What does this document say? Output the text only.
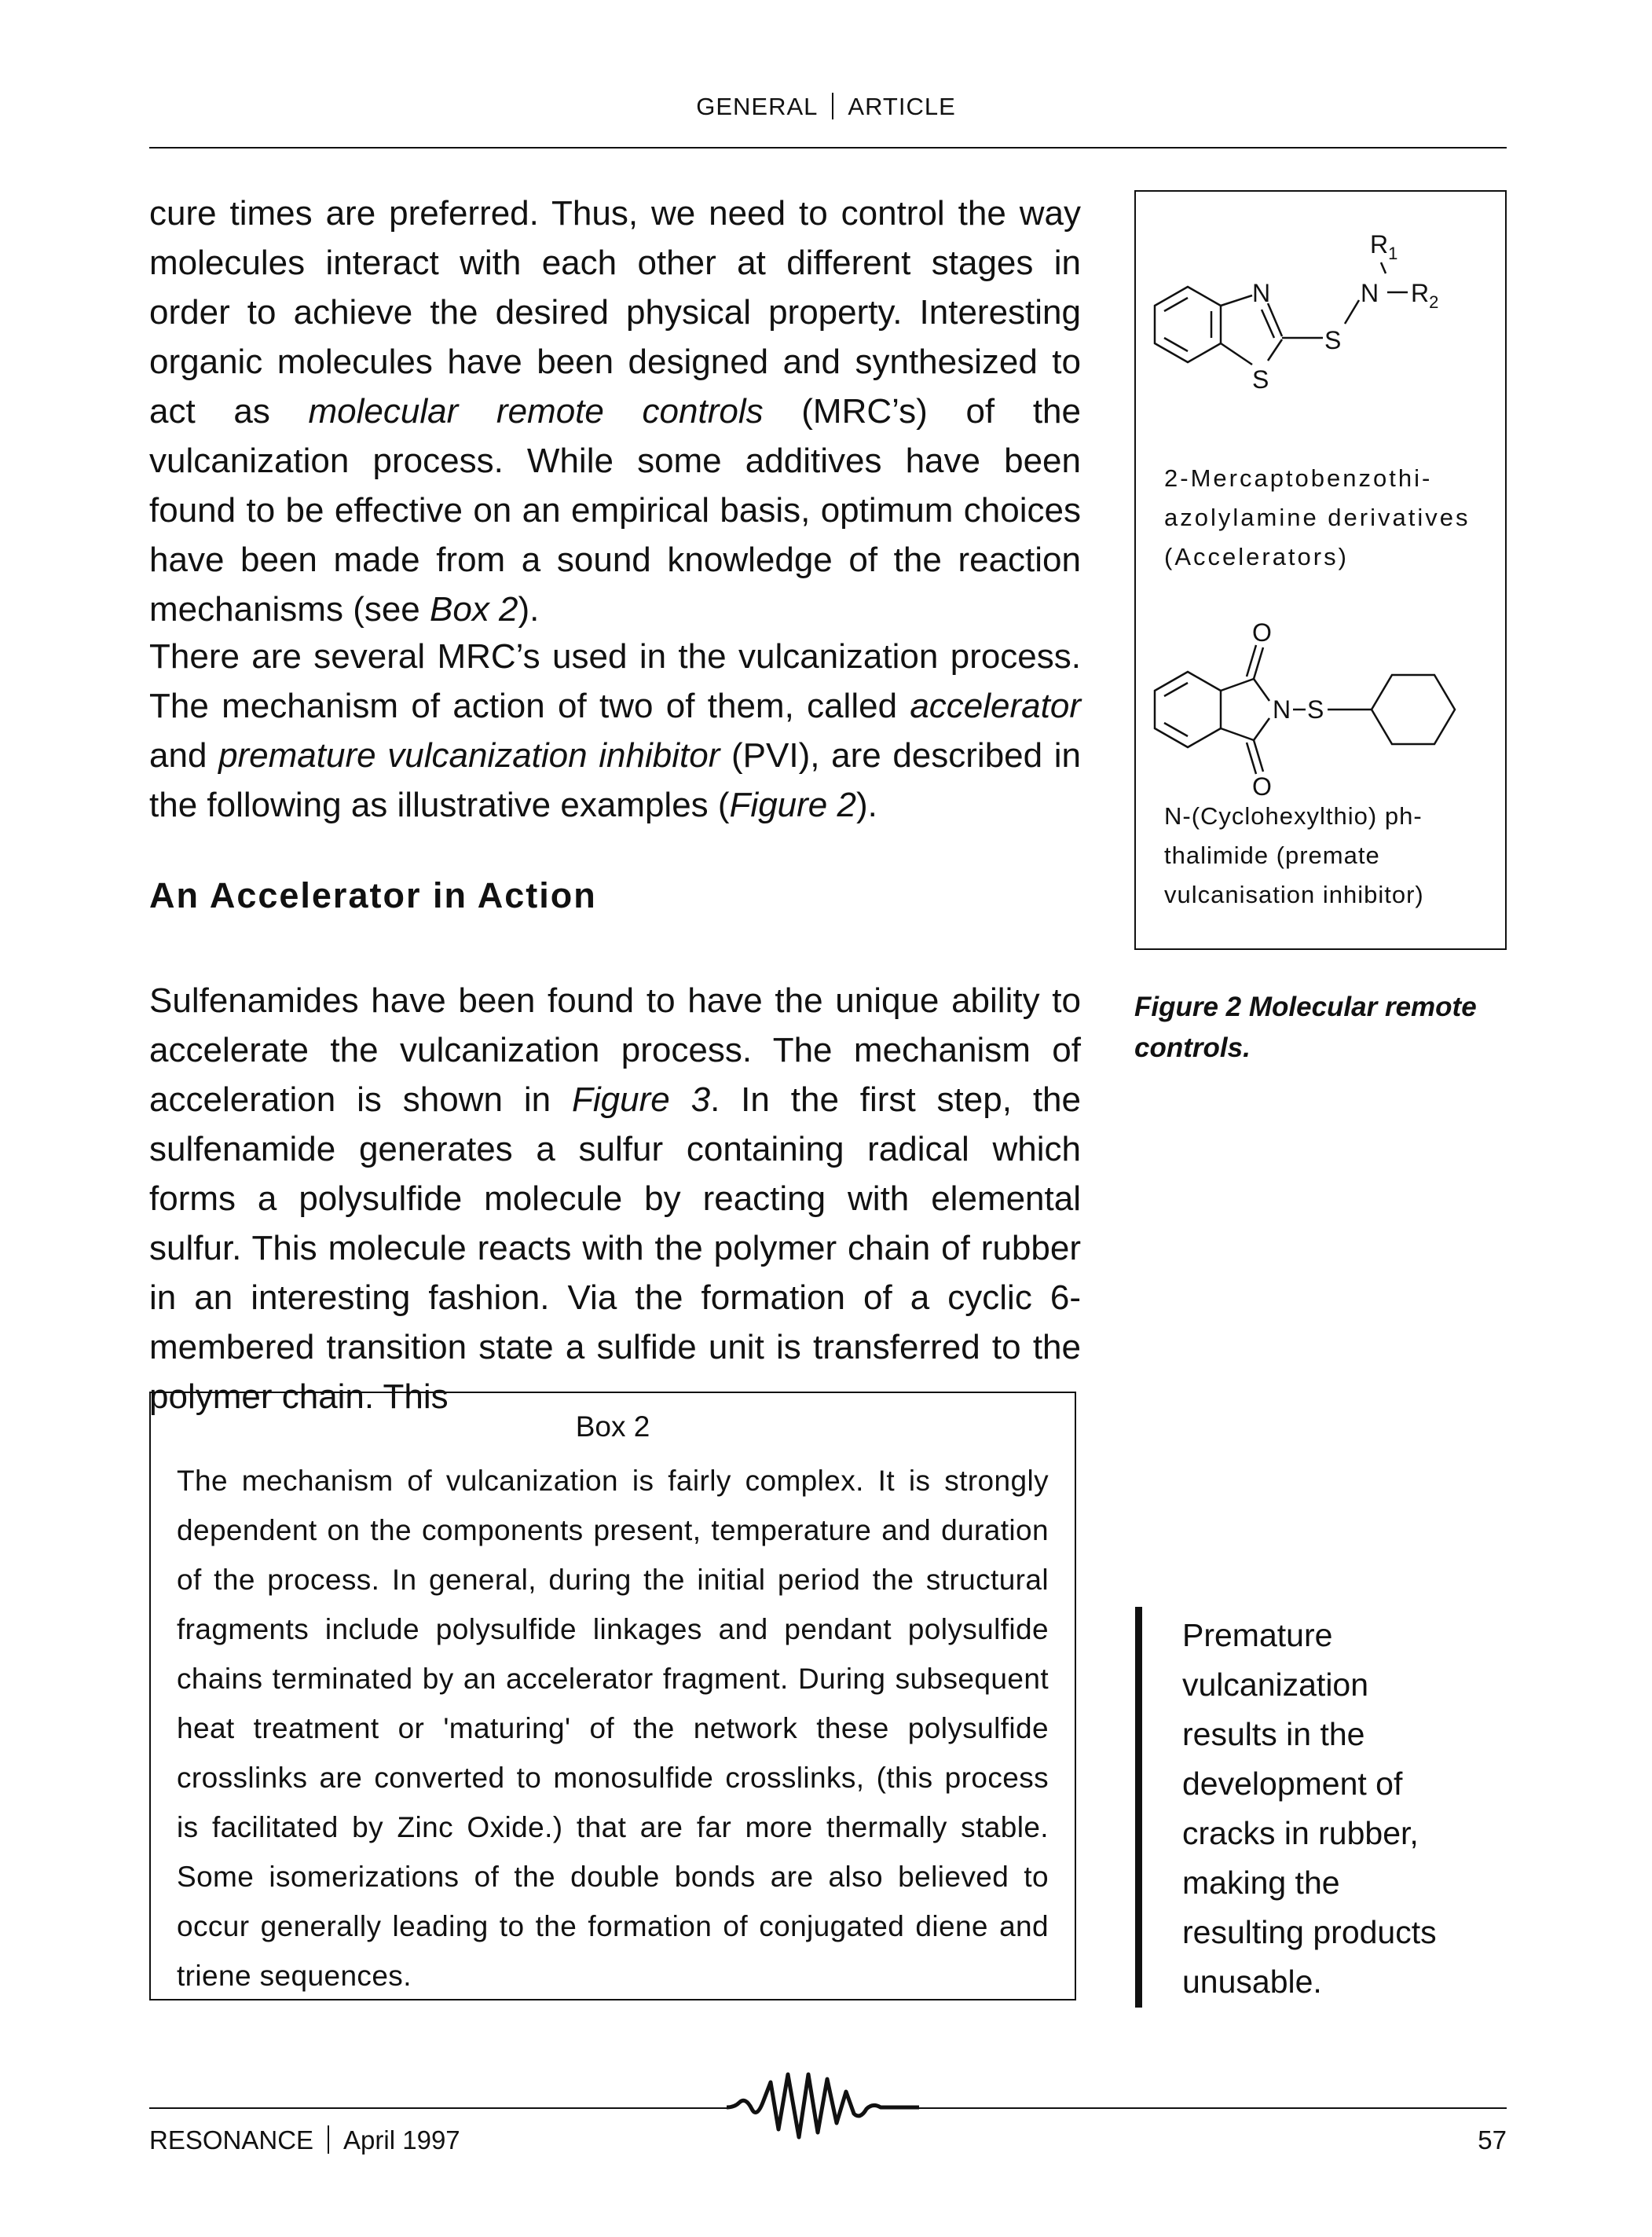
GENERAL ARTICLE

cure times are preferred. Thus, we need to control the way molecules interact with each other at different stages in order to achieve the desired physical property. Interesting organic molecules have been designed and synthesized to act as molecular remote controls (MRC’s) of the vulcanization process. While some additives have been found to be effective on an empirical basis, optimum choices have been made from a sound knowledge of the reaction mechanisms (see Box 2).

There are several MRC’s used in the vulcanization process. The mechanism of action of two of them, called accelerator and premature vulcanization inhibitor (PVI), are described in the following as illustrative examples (Figure 2).

An Accelerator in Action

Sulfenamides have been found to have the unique ability to accelerate the vulcanization process. The mechanism of acceleration is shown in Figure 3. In the first step, the sulfenamide generates a sulfur containing radical which forms a polysulfide molecule by reacting with elemental sulfur. This molecule reacts with the polymer chain of rubber in an interesting fashion. Via the formation of a cyclic 6-membered transition state a sulfide unit is transferred to the polymer chain. This

Box 2

The mechanism of vulcanization is fairly complex. It is strongly dependent on the components present, temperature and duration of the process. In general, during the initial period the structural fragments include polysulfide linkages and pendant polysulfide chains terminated by an accelerator fragment. During subsequent heat treatment or 'maturing' of the network these polysulfide crosslinks are converted to monosulfide crosslinks, (this process is facilitated by Zinc Oxide.) that are far more thermally stable. Some isomerizations of the double bonds are also believed to occur generally leading to the formation of conjugated diene and triene sequences.

N
S
S
N
$R_1$
$R_2$
2-Mercaptobenzothi-
azolylamine derivatives
(Accelerators)
O
O
N S
N-(Cyclohexylthio) ph-
thalimide (premate
vulcanisation inhibitor)
Figure 2 Molecular remote controls.
Premature
vulcanization
results in the
development of
cracks in rubber,
making the
resulting products
unusable.
RESONANCE April 1997	57
